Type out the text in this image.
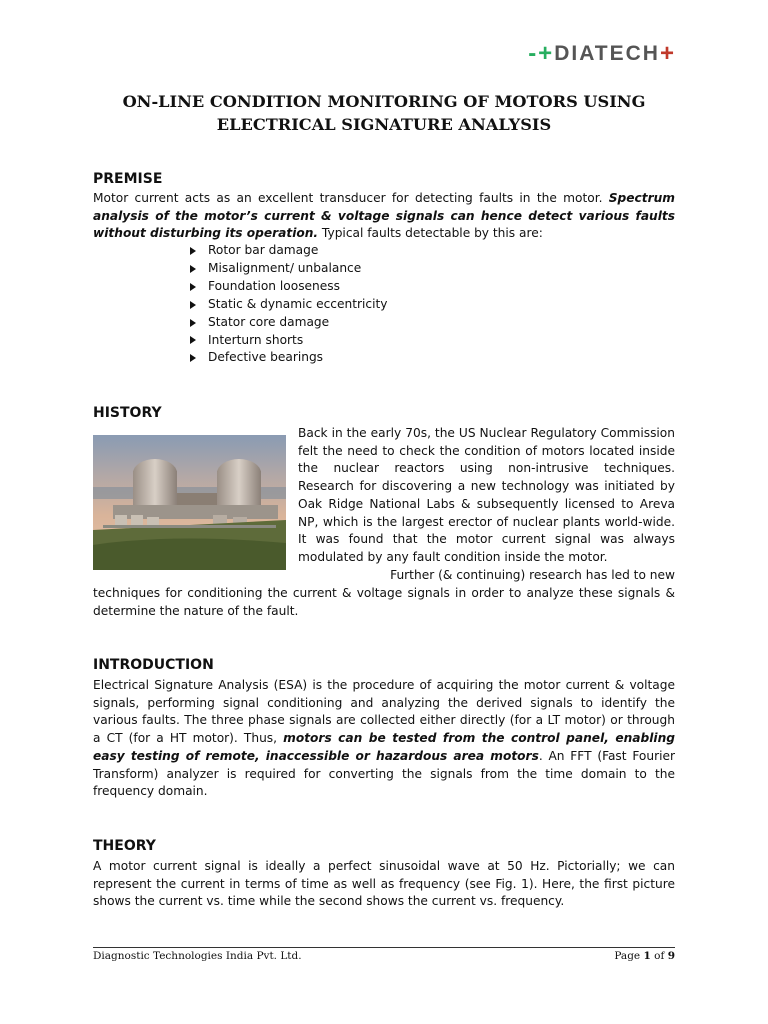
-+ DIATECH +
ON-LINE CONDITION MONITORING OF MOTORS USING
ELECTRICAL SIGNATURE ANALYSIS
PREMISE
Motor current acts as an excellent transducer for detecting faults in the motor. Spectrum analysis of the motor’s current & voltage signals can hence detect various faults without disturbing its operation. Typical faults detectable by this are:
Rotor bar damage
Misalignment/ unbalance
Foundation looseness
Static & dynamic eccentricity
Stator core damage
Interturn shorts
Defective bearings
HISTORY
Back in the early 70s, the US Nuclear Regulatory Commission felt the need to check the condition of motors located inside the nuclear reactors using non-intrusive techniques. Research for discovering a new technology was initiated by Oak Ridge National Labs & subsequently licensed to Areva NP, which is the largest erector of nuclear plants world-wide. It was found that the motor current signal was always modulated by any fault condition inside the motor.
Further (& continuing) research has led to new
techniques for conditioning the current & voltage signals in order to analyze these signals & determine the nature of the fault.
INTRODUCTION
Electrical Signature Analysis (ESA) is the procedure of acquiring the motor current & voltage signals, performing signal conditioning and analyzing the derived signals to identify the various faults. The three phase signals are collected either directly (for a LT motor) or through a CT (for a HT motor). Thus, motors can be tested from the control panel, enabling easy testing of remote, inaccessible or hazardous area motors. An FFT (Fast Fourier Transform) analyzer is required for converting the signals from the time domain to the frequency domain.
THEORY
A motor current signal is ideally a perfect sinusoidal wave at 50 Hz. Pictorially; we can represent the current in terms of time as well as frequency (see Fig. 1). Here, the first picture shows the current vs. time while the second shows the current vs. frequency.
Diagnostic Technologies India Pvt. Ltd.	Page 1 of 9
